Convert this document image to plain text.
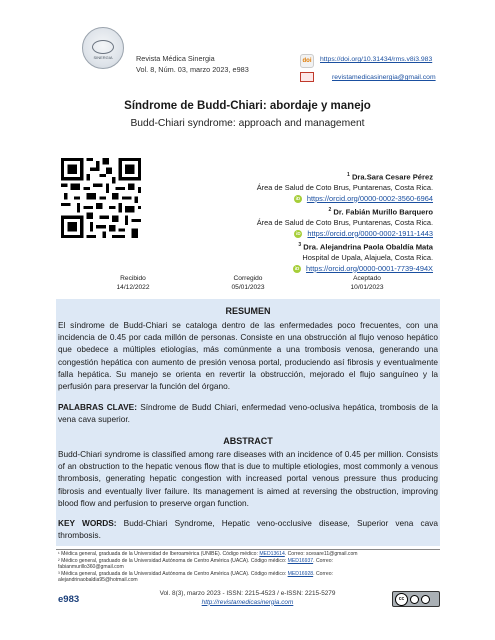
SINERGIA	Revista Médica Sinergia
Vol. 8, Núm. 03, marzo 2023, e983
doi	https://doi.org/10.31434/rms.v8i3.983
revistamedicasinergia@gmail.com
Síndrome de Budd-Chiari: abordaje y manejo
Budd-Chiari syndrome: approach and management
$^1$ Dra.Sara Cesare Pérez
Área de Salud de Coto Brus, Puntarenas, Costa Rica.
iD https://orcid.org/0000-0002-3560-6964
$^2$ Dr. Fabián Murillo Barquero
Área de Salud de Coto Brus, Puntarenas, Costa Rica.
iD https://orcid.org/0000-0002-1911-1443
$^3$ Dra. Alejandrina Paola Obaldía Mata
Hospital de Upala, Alajuela, Costa Rica.
iD https://orcid.org/0000-0001-7739-494X
Recibido
14/12/2022
Corregido
05/01/2023
Aceptado
10/01/2023
RESUMEN
El síndrome de Budd-Chiari se cataloga dentro de las enfermedades poco frecuentes, con una incidencia de 0.45 por cada millón de personas. Consiste en una obstrucción al flujo venoso hepático que obedece a múltiples etiologías, más comúnmente a una trombosis venosa, generando una congestión hepática con aumento de presión venosa portal, produciendo así fibrosis y eventualmente falla hepática. Su manejo se orienta en revertir la obstrucción, mejorado el flujo sanguíneo y la perfusión para preservar la función del órgano.
PALABRAS CLAVE: Síndrome de Budd Chiari, enfermedad veno-oclusiva hepática, trombosis de la vena cava superior.
ABSTRACT
Budd-Chiari syndrome is classified among rare diseases with an incidence of 0.45 per million. Consists of an obstruction to the hepatic venous flow that is due to multiple etiologies, most commonly a venous thrombosis, generating hepatic congestion with increased portal venous pressure thus producing fibrosis and eventually liver failure. Its management is aimed at reversing the obstruction, improving blood flow and perfusion to preserve organ function.
KEY WORDS: Budd-Chiari Syndrome, Hepatic veno-occlusive disease, Superior vena cava thrombosis.
¹ Médica general, graduada de la Universidad de Iberoamérica (UNIBE). Código médico: MED13614. Correo: scesare11@gmail.com
² Médico general, graduado de la Universidad Autónoma de Centro América (UACA). Código médico: MED16937. Correo:
fabianmurillo360@gmail.com
³ Médica general, graduada de la Universidad Autónoma de Centro América (UACA). Código médico: MED16928. Correo:
alejandrinaobaldia95@hotmail.com
e983
Vol. 8(3), marzo 2023 - ISSN: 2215-4523 / e-ISSN: 2215-5279
http://revistamedicasinergia.com	cc
